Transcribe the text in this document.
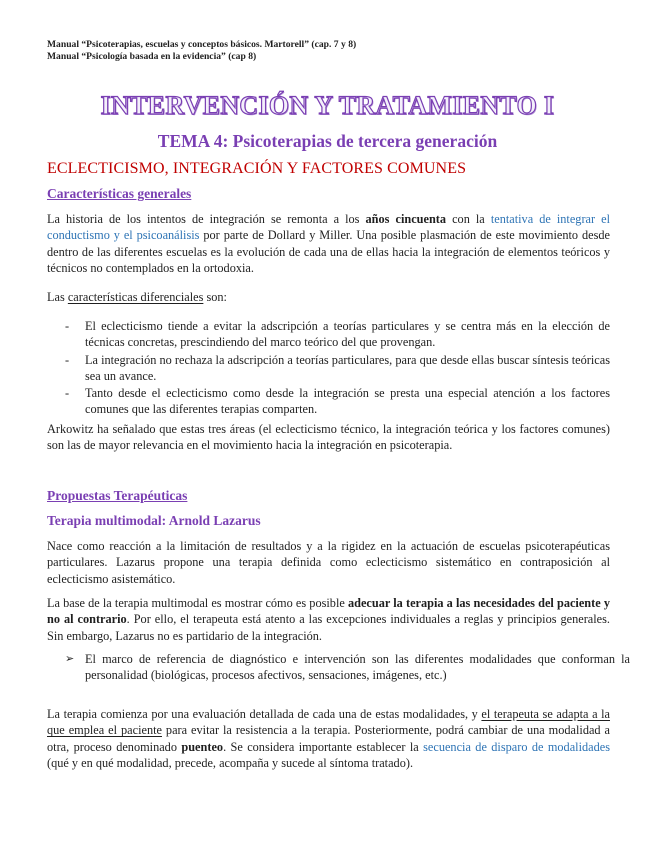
Manual “Psicoterapias, escuelas y conceptos básicos. Martorell” (cap. 7 y 8)
Manual “Psicología basada en la evidencia” (cap 8)
INTERVENCIÓN Y TRATAMIENTO I
TEMA 4: Psicoterapias de tercera generación
ECLECTICISMO, INTEGRACIÓN Y FACTORES COMUNES
Características generales
La historia de los intentos de integración se remonta a los años cincuenta con la tentativa de integrar el conductismo y el psicoanálisis por parte de Dollard y Miller. Una posible plasmación de este movimiento desde dentro de las diferentes escuelas es la evolución de cada una de ellas hacia la integración de elementos teóricos y técnicos no contemplados en la ortodoxia.
Las características diferenciales son:
- El eclecticismo tiende a evitar la adscripción a teorías particulares y se centra más en la elección de técnicas concretas, prescindiendo del marco teórico del que provengan.
- La integración no rechaza la adscripción a teorías particulares, para que desde ellas buscar síntesis teóricas sea un avance.
- Tanto desde el eclecticismo como desde la integración se presta una especial atención a los factores comunes que las diferentes terapias comparten.
Arkowitz ha señalado que estas tres áreas (el eclecticismo técnico, la integración teórica y los factores comunes) son las de mayor relevancia en el movimiento hacia la integración en psicoterapia.
Propuestas Terapéuticas
Terapia multimodal: Arnold Lazarus
Nace como reacción a la limitación de resultados y a la rigidez en la actuación de escuelas psicoterapéuticas particulares. Lazarus propone una terapia definida como eclecticismo sistemático en contraposición al eclecticismo asistemático.
La base de la terapia multimodal es mostrar cómo es posible adecuar la terapia a las necesidades del paciente y no al contrario. Por ello, el terapeuta está atento a las excepciones individuales a reglas y principios generales. Sin embargo, Lazarus no es partidario de la integración.
➢ El marco de referencia de diagnóstico e intervención son las diferentes modalidades que conforman la personalidad (biológicas, procesos afectivos, sensaciones, imágenes, etc.)
La terapia comienza por una evaluación detallada de cada una de estas modalidades, y el terapeuta se adapta a la que emplea el paciente para evitar la resistencia a la terapia. Posteriormente, podrá cambiar de una modalidad a otra, proceso denominado puenteo. Se considera importante establecer la secuencia de disparo de modalidades (qué y en qué modalidad, precede, acompaña y sucede al síntoma tratado).
